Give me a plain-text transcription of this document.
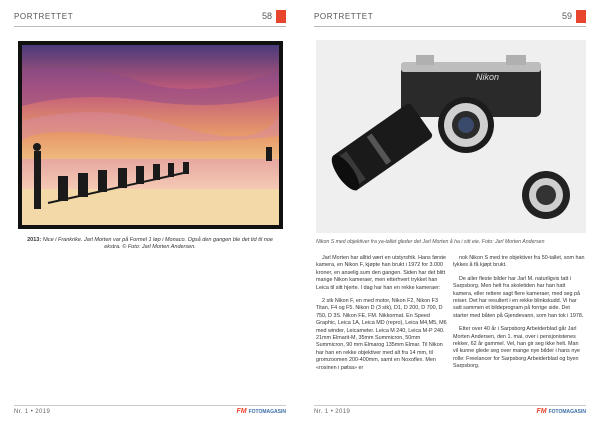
PORTRETTET	58
2013: Nice i Frankrike. Jarl Morten var på Formel 1 løp i Monaco. Også den gangen ble det tid til noe ekstra. © Foto: Jarl Morten Andersen.
Nr. 1 • 2019	FM FOTOMAGASIN
PORTRETTET	59
Nikon
Nikon S med objektiver fra ya-tallet gleder det Jarl Morten å ha i sitt eie. Foto: Jarl Morten Andersen

Jarl Morten har alltid vært en utstyrsfrik. Hans første kamera, en Nikon F, kjøpte han brukt i 1972 for 3.000 kroner, en anselig sum den gangen. Siden har det blitt mange Nikon kameraer, men etterhvert trykket han Leica til sitt hjerte. I dag har han en rekke kameraer:

2 stk Nikon F, en med motor, Nikon F2, Nikon F3 Titan, F4 og F5. Nikon D (3 stk), D1, D 200, D 700, D 750, D 3S. Nikon FE, FM. Nikkormat. En Speed Graphic, Leica 1A, Leica MD (repro), Leica M4,M5, M6 med winder, Leicameter. Leica M 240, Leica M-P 240. 21mm Elmarit-M, 35mm Summicron, 50mm Summicron, 90 mm Elmarog 135mm Elmar. Til Nikon har han en rekke objektiver med alt fra 14 mm, til gromzoomen 200-400mm, samt en Noxoflex. Men «rosinen i pølsa» er

nok Nikon S med tre objektiver fra 50-tallet, som han lykkes å få kjøpt brukt.

De aller fleste bilder har Jarl M. naturligvis tatt i Sarpsborg. Men helt fra skoletiden har han hatt kamera, eller rettere sagt flere kameraer, med seg på reiser. Det har resultert i en rekke blinkskudd. Vi har satt sammen et bildeprogram på forrige side. Det starter med båten på Gjendevann, som han tok i 1978.

Etter over 40 år i Sarpsborg Arbeiderblad går Jarl Morten Andersen, den 1. mai, over i pensjonistenes rekker, 62 år gammel. Vel, han gir seg ikke helt. Man vil kunne glede seg over mange nye bilder i hans nye rolle: Freelancer for Sarpsborg Arbeiderblad og byen Sarpsborg.

Nr. 1 • 2019	FM FOTOMAGASIN
